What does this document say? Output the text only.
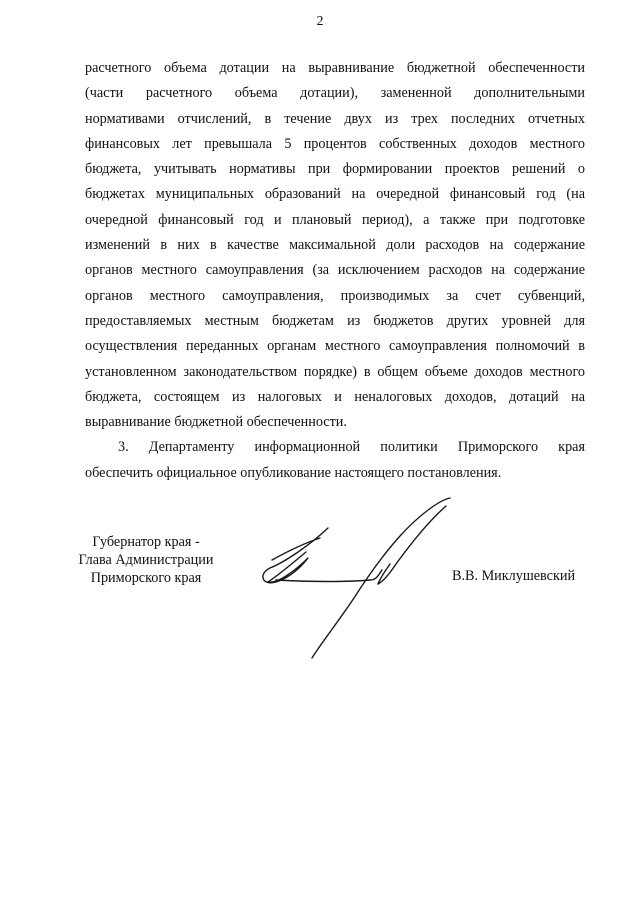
2
расчетного объема дотации на выравнивание бюджетной обеспеченности
(части расчетного объема дотации), замененной дополнительными
нормативами отчислений, в течение двух из трех последних отчетных
финансовых лет превышала 5 процентов собственных доходов местного
бюджета, учитывать нормативы при формировании проектов решений о
бюджетах муниципальных образований на очередной финансовый год (на
очередной финансовый год и плановый период), а также при подготовке
изменений в них в качестве максимальной доли расходов на содержание
органов местного самоуправления (за исключением расходов на содержание
органов местного самоуправления, производимых за счет субвенций,
предоставляемых местным бюджетам из бюджетов других уровней для
осуществления переданных органам местного самоуправления полномочий в
установленном законодательством порядке) в общем объеме доходов местного
бюджета, состоящем из налоговых и неналоговых доходов, дотаций на
выравнивание бюджетной обеспеченности.
3. Департаменту информационной политики Приморского края
обеспечить официальное опубликование настоящего постановления.
Губернатор края -
Глава Администрации
Приморского края	В.В. Миклушевский
